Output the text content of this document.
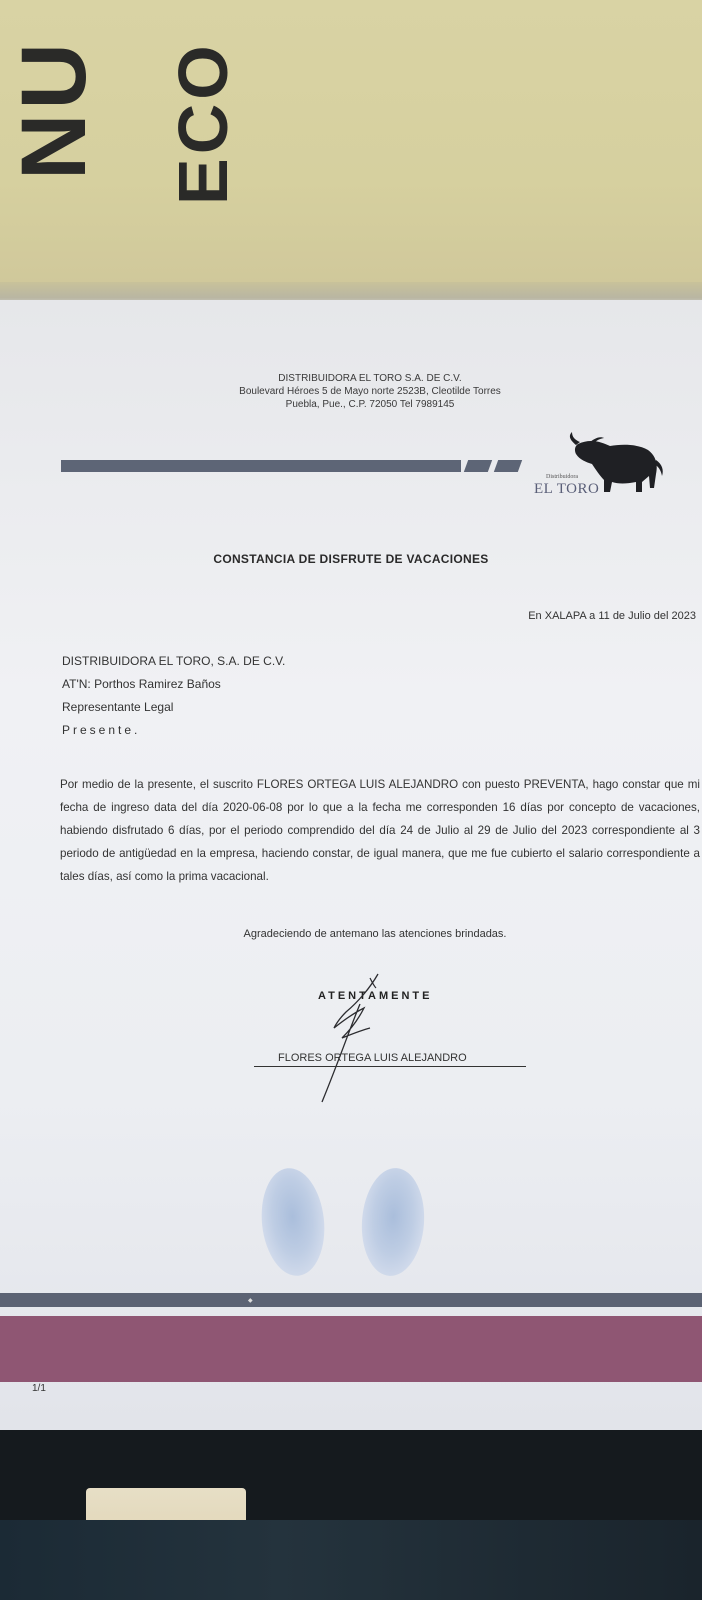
NU ECO
DISTRIBUIDORA EL TORO S.A. DE C.V.
Boulevard Héroes 5 de Mayo norte 2523B, Cleotilde Torres
Puebla, Pue., C.P. 72050 Tel 7989145
Distribuidora
EL TORO
CONSTANCIA DE DISFRUTE DE VACACIONES
En XALAPA a 11 de Julio del 2023
DISTRIBUIDORA EL TORO, S.A. DE C.V.
AT'N: Porthos Ramirez Baños
Representante Legal
Presente.
Por medio de la presente, el suscrito FLORES ORTEGA LUIS ALEJANDRO con puesto PREVENTA, hago constar que mi fecha de ingreso data del día 2020-06-08 por lo que a la fecha me corresponden 16 días por concepto de vacaciones, habiendo disfrutado 6 días, por el periodo comprendido del día 24 de Julio al 29 de Julio del 2023 correspondiente al 3 periodo de antigüedad en la empresa, haciendo constar, de igual manera, que me fue cubierto el salario correspondiente a tales días, así como la prima vacacional.
Agradeciendo de antemano las atenciones brindadas.
ATENTAMENTE
FLORES ORTEGA LUIS ALEJANDRO
◆
1/1
